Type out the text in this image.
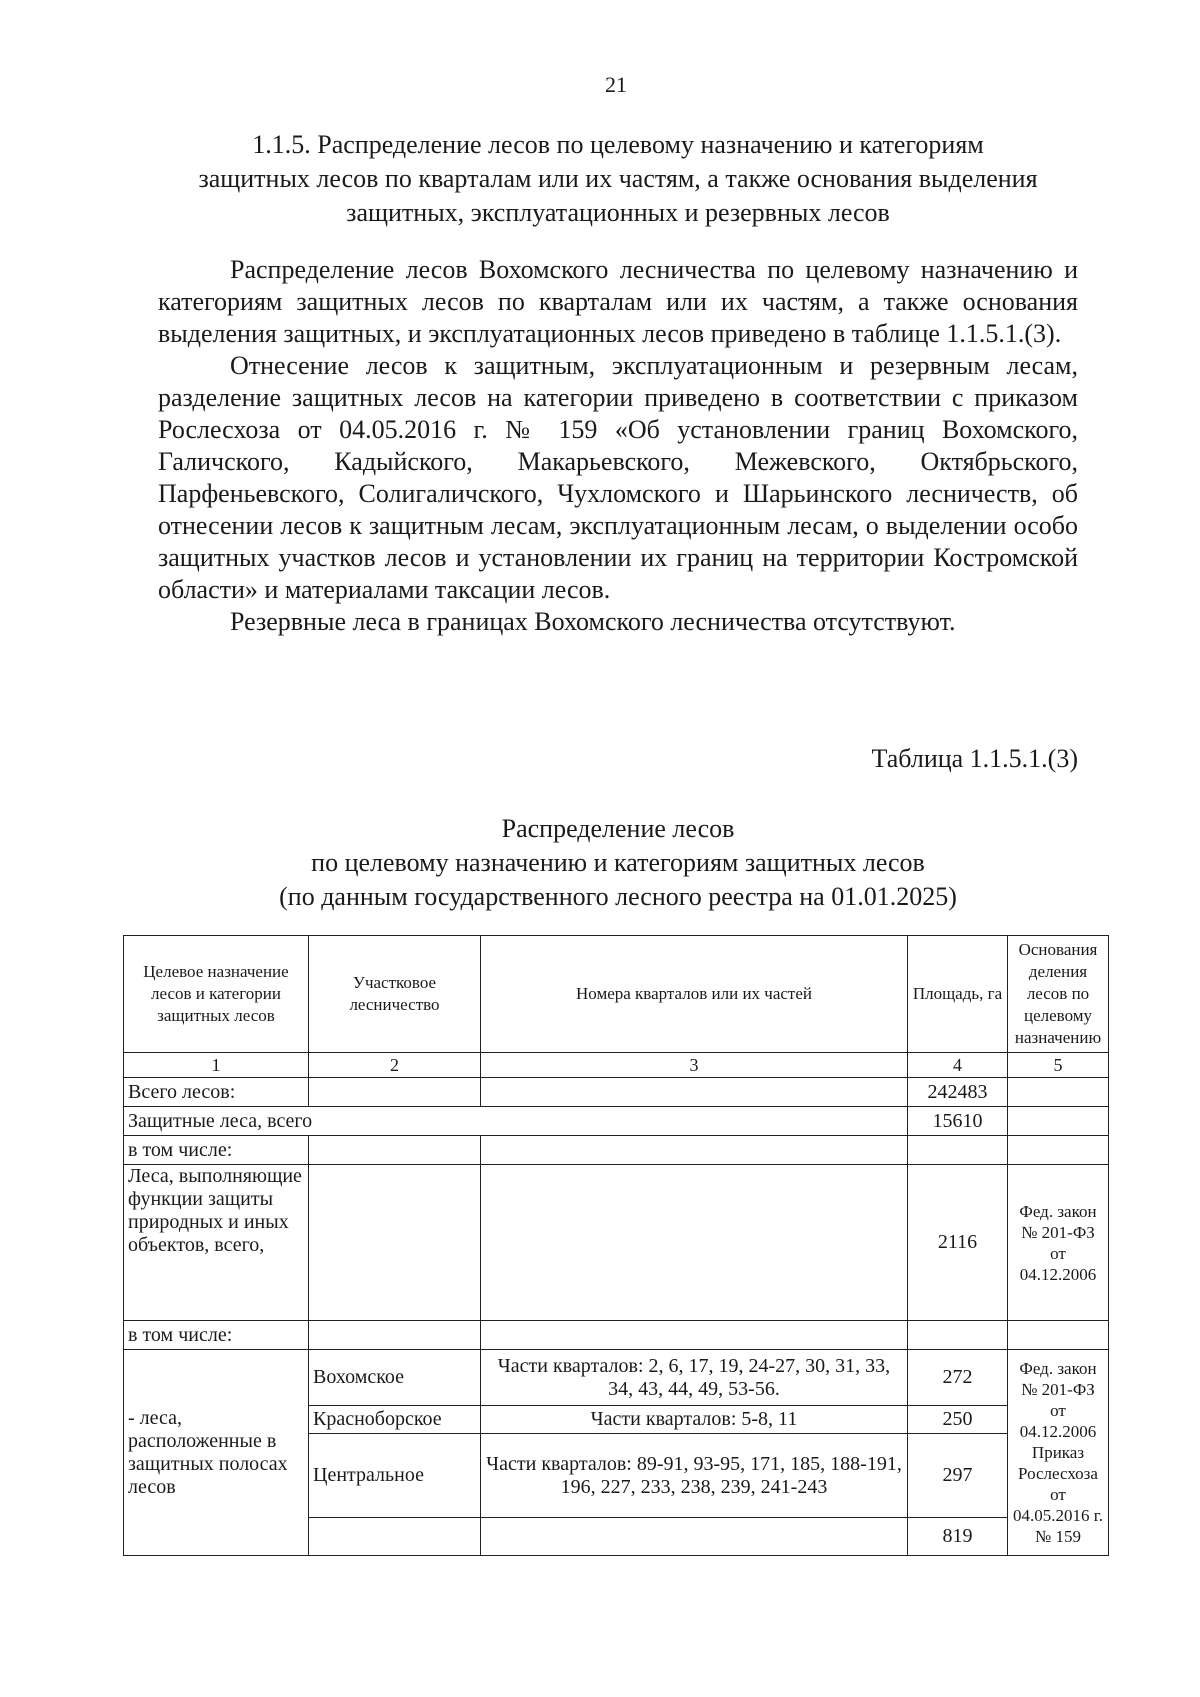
21
1.1.5. Распределение лесов по целевому назначению и категориям
защитных лесов по кварталам или их частям, а также основания выделения
защитных, эксплуатационных и резервных лесов

Распределение лесов Вохомского лесничества по целевому назначению и категориям защитных лесов по кварталам или их частям, а также основания выделения защитных, и эксплуатационных лесов приведено в таблице 1.1.5.1.(3).

Отнесение лесов к защитным, эксплуатационным и резервным лесам, разделение защитных лесов на категории приведено в соответствии с приказом Рослесхоза от 04.05.2016 г. № 159 «Об установлении границ Вохомского, Галичского, Кадыйского, Макарьевского, Межевского, Октябрьского, Парфеньевского, Солигаличского, Чухломского и Шарьинского лесничеств, об отнесении лесов к защитным лесам, эксплуатационным лесам, о выделении особо защитных участков лесов и установлении их границ на территории Костромской области» и материалами таксации лесов.

Резервные леса в границах Вохомского лесничества отсутствуют.

Таблица 1.1.5.1.(3)
Распределение лесов
по целевому назначению и категориям защитных лесов
(по данным государственного лесного реестра на 01.01.2025)
Целевое назначение лесов и категории защитных лесов	Участковое лесничество	Номера кварталов или их частей	Площадь, га	Основания деления лесов по целевому назначению
1	2	3	4	5
Всего лесов:			242483	
Защитные леса, всего			15610	
в том числе:				
Леса, выполняющие функции защиты природных и иных объектов, всего,			2116	Фед. закон № 201-ФЗ от 04.12.2006
в том числе:				
- леса, расположенные в защитных полосах лесов	Вохомское	Части кварталов: 2, 6, 17, 19, 24-27, 30, 31, 33, 34, 43, 44, 49, 53-56.	272	Фед. закон № 201-ФЗ от 04.12.2006 Приказ Рослесхоза от 04.05.2016 г. № 159
	Красноборское	Части кварталов: 5-8, 11	250	
	Центральное	Части кварталов: 89-91, 93-95, 171, 185, 188-191, 196, 227, 233, 238, 239, 241-243	297	
			819	
